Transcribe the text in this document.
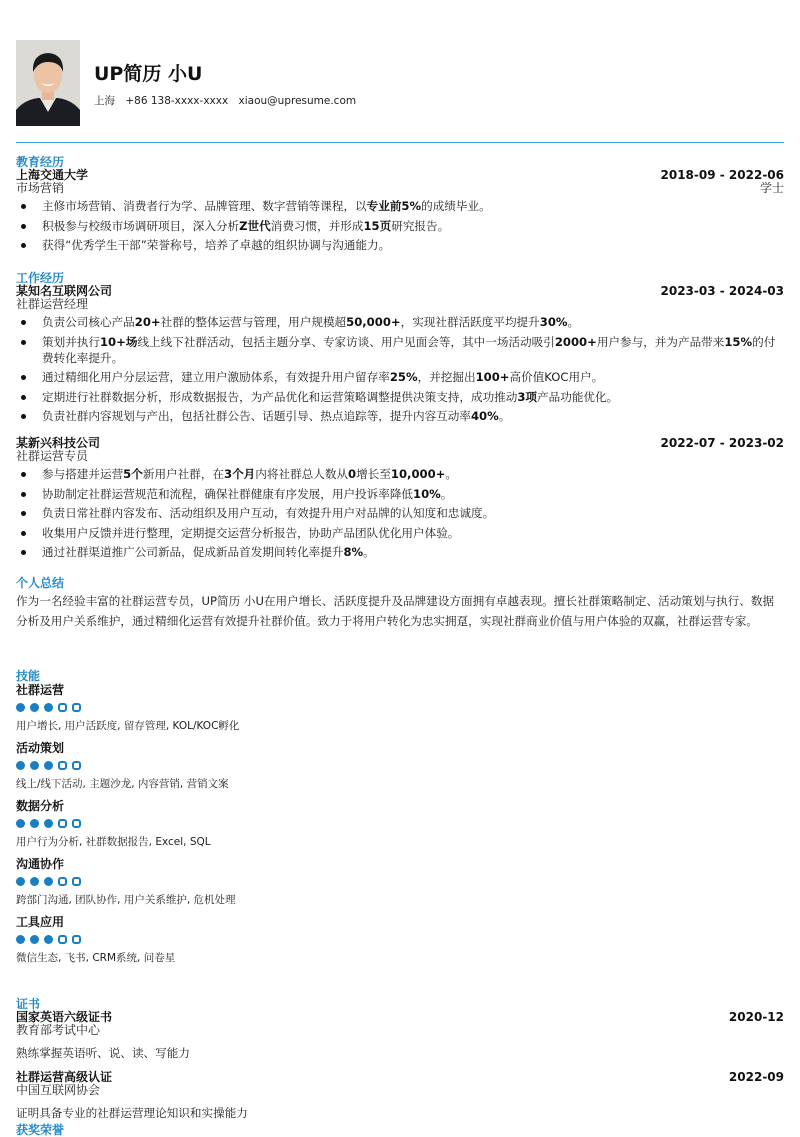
UP简历 小U
上海 +86 138-xxxx-xxxx xiaou@upresume.com
教育经历
上海交通大学
市场营销
2018-09 - 2022-06
学士
主修市场营销、消费者行为学、品牌管理、数字营销等课程，以专业前5%的成绩毕业。
积极参与校级市场调研项目，深入分析Z世代消费习惯，并形成15页研究报告。
获得“优秀学生干部”荣誉称号，培养了卓越的组织协调与沟通能力。
工作经历
某知名互联网公司
社群运营经理
2023-03 - 2024-03
负责公司核心产品20+社群的整体运营与管理，用户规模超50,000+，实现社群活跃度平均提升30%。
策划并执行10+场线上线下社群活动，包括主题分享、专家访谈、用户见面会等，其中一场活动吸引2000+用户参与，并为产品带来15%的付费转化率提升。
通过精细化用户分层运营，建立用户激励体系，有效提升用户留存率25%，并挖掘出100+高价值KOC用户。
定期进行社群数据分析，形成数据报告，为产品优化和运营策略调整提供决策支持，成功推动3项产品功能优化。
负责社群内容规划与产出，包括社群公告、话题引导、热点追踪等，提升内容互动率40%。
某新兴科技公司
社群运营专员
2022-07 - 2023-02
参与搭建并运营5个新用户社群，在3个月内将社群总人数从0增长至10,000+。
协助制定社群运营规范和流程，确保社群健康有序发展，用户投诉率降低10%。
负责日常社群内容发布、活动组织及用户互动，有效提升用户对品牌的认知度和忠诚度。
收集用户反馈并进行整理，定期提交运营分析报告，协助产品团队优化用户体验。
通过社群渠道推广公司新品，促成新品首发期间转化率提升8%。
个人总结
作为一名经验丰富的社群运营专员，UP简历 小U在用户增长、活跃度提升及品牌建设方面拥有卓越表现。擅长社群策略制定、活动策划与执行、数据分析及用户关系维护，通过精细化运营有效提升社群价值。致力于将用户转化为忠实拥趸，实现社群商业价值与用户体验的双赢，社群运营专家。
技能
社群运营
用户增长, 用户活跃度, 留存管理, KOL/KOC孵化
活动策划
线上/线下活动, 主题沙龙, 内容营销, 营销文案
数据分析
用户行为分析, 社群数据报告, Excel, SQL
沟通协作
跨部门沟通, 团队协作, 用户关系维护, 危机处理
工具应用
微信生态, 飞书, CRM系统, 问卷星
证书
国家英语六级证书
教育部考试中心
2020-12
熟练掌握英语听、说、读、写能力
社群运营高级认证
中国互联网协会
2022-09
证明具备专业的社群运营理论知识和实操能力
获奖荣誉
